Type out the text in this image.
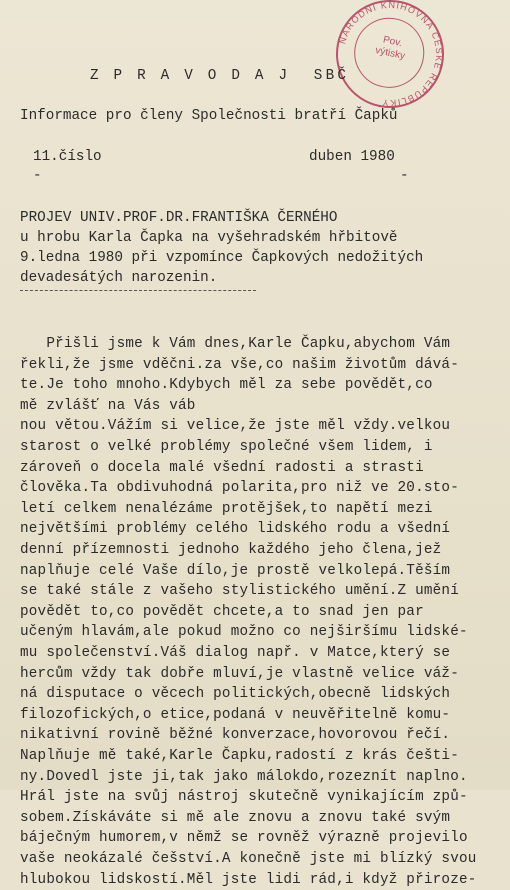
NÁRODNÍ KNIHOVNA ČESKÉ REPUBLIKY
Pov.
výtisky
Z P R A V O D A J  SBČ
Informace pro členy Společnosti bratří Čapků
11.číslo	duben 1980
-	-
PROJEV UNIV.PROF.DR.FRANTIŠKA ČERNÉHO
u hrobu Karla Čapka na vyšehradském hřbitově
9.ledna 1980 při vzpomínce Čapkových nedožitých
devadesátých narozenin.
Přišli jsme k Vám dnes,Karle Čapku,abychom Vám
řekli,že jsme vděčni.za vše,co našim životům dává-
te.Je toho mnoho.Kdybych měl za sebe povědět,co
mě zvlášť na Vás váb
nou větou.Vážím si velice,že jste měl vždy.velkou
starost o velké problémy společné všem lidem, i
zároveň o docela malé všední radosti a strasti
člověka.Ta obdivuhodná polarita,pro niž ve 20.sto-
letí celkem nenalézáme protějšek,to napětí mezi
největšími problémy celého lidského rodu a všední
denní přízemnosti jednoho každého jeho člena,jež
naplňuje celé Vaše dílo,je prostě velkolepá.Těším
se také stále z vašeho stylistického umění.Z umění
povědět to,co povědět chcete,a to snad jen par
učeným hlavám,ale pokud možno co nejširšímu lidské-
mu společenství.Váš dialog např. v Matce,který se
hercům vždy tak dobře mluví,je vlastně velice váž-
ná disputace o věcech politických,obecně lidských
filozofických,o etice,podaná v neuvěřitelně komu-
nikativní rovině běžné konverzace,hovorovou řečí.
Naplňuje mě také,Karle Čapku,radostí z krás češti-
ny.Dovedl jste ji,tak jako málokdo,rozeznít naplno.
Hrál jste na svůj nástroj skutečně vynikajícím způ-
sobem.Získáváte si mě ale znovu a znovu také svým
báječným humorem,v němž se rovněž výrazně projevilo
vaše neokázalé češství.A konečně jste mi blízký svou
hlubokou lidskostí.Měl jste lidi rád,i když přiroze-
